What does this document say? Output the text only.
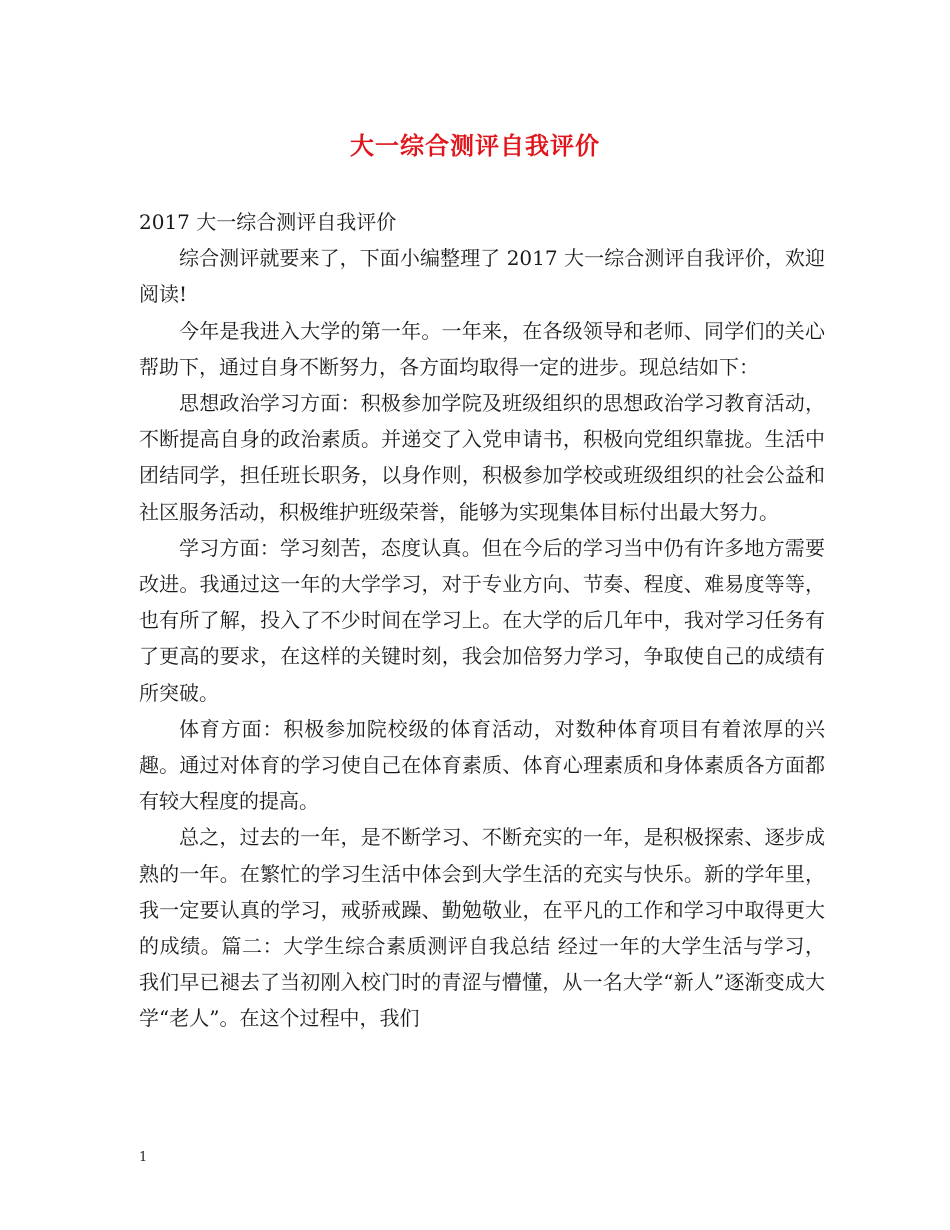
大一综合测评自我评价

2017 大一综合测评自我评价

综合测评就要来了，下面小编整理了 2017 大一综合测评自我评价，欢迎阅读!

今年是我进入大学的第一年。一年来，在各级领导和老师、同学们的关心帮助下，通过自身不断努力，各方面均取得一定的进步。现总结如下：

思想政治学习方面：积极参加学院及班级组织的思想政治学习教育活动，不断提高自身的政治素质。并递交了入党申请书，积极向党组织靠拢。生活中团结同学，担任班长职务，以身作则，积极参加学校或班级组织的社会公益和社区服务活动，积极维护班级荣誉，能够为实现集体目标付出最大努力。

学习方面：学习刻苦，态度认真。但在今后的学习当中仍有许多地方需要改进。我通过这一年的大学学习，对于专业方向、节奏、程度、难易度等等，也有所了解，投入了不少时间在学习上。在大学的后几年中，我对学习任务有了更高的要求，在这样的关键时刻，我会加倍努力学习，争取使自己的成绩有所突破。

体育方面：积极参加院校级的体育活动，对数种体育项目有着浓厚的兴趣。通过对体育的学习使自己在体育素质、体育心理素质和身体素质各方面都有较大程度的提高。

总之，过去的一年，是不断学习、不断充实的一年，是积极探索、逐步成熟的一年。在繁忙的学习生活中体会到大学生活的充实与快乐。新的学年里，我一定要认真的学习，戒骄戒躁、勤勉敬业，在平凡的工作和学习中取得更大的成绩。篇二：大学生综合素质测评自我总结 经过一年的大学生活与学习，我们早已褪去了当初刚入校门时的青涩与懵懂，从一名大学“新人”逐渐变成大学“老人”。在这个过程中，我们

1
